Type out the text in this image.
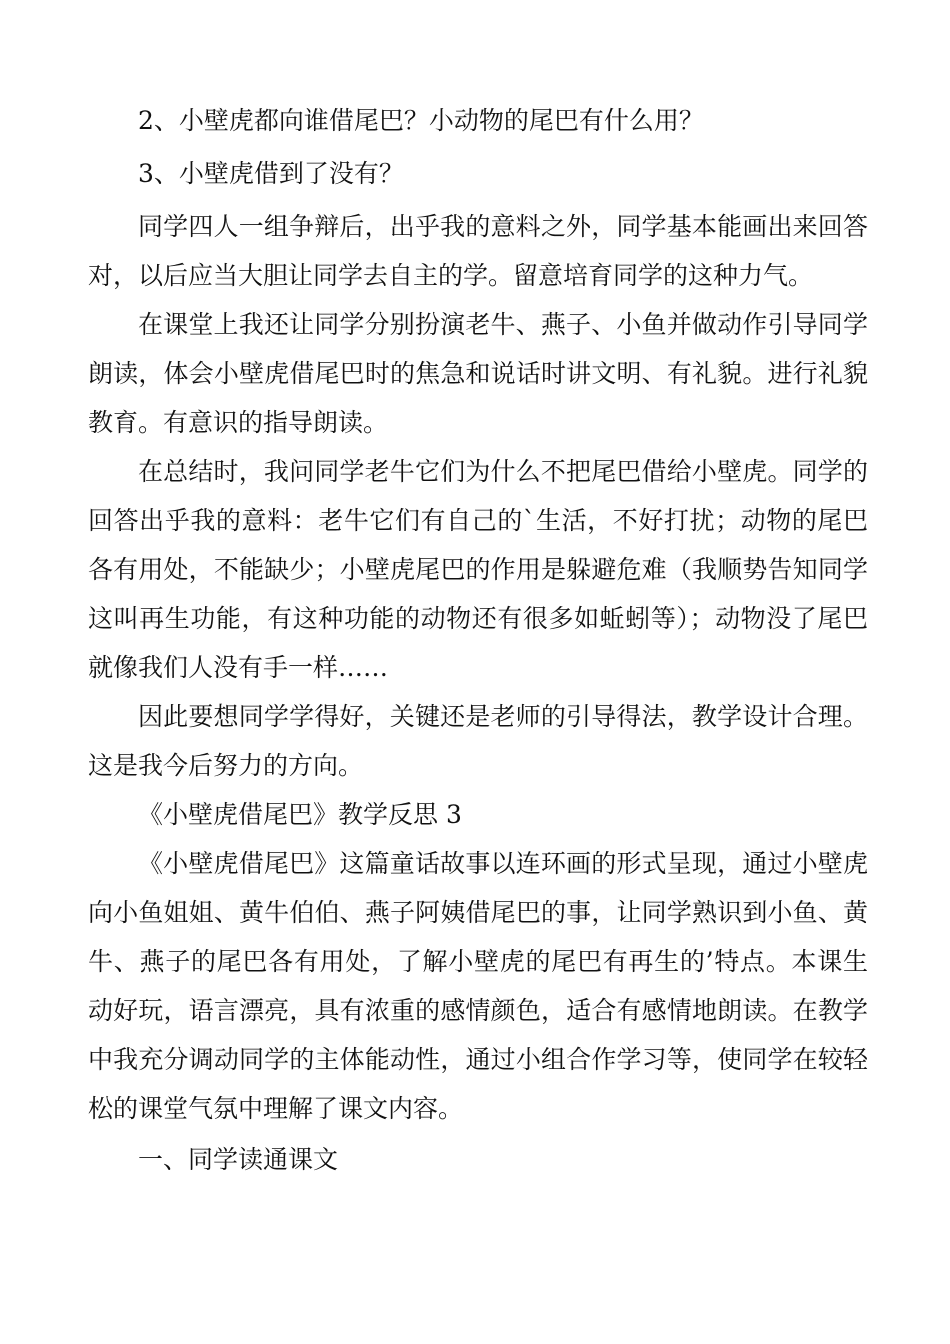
2、小壁虎都向谁借尾巴？小动物的尾巴有什么用？

3、小壁虎借到了没有？

同学四人一组争辩后，出乎我的意料之外，同学基本能画出来回答对，以后应当大胆让同学去自主的学。留意培育同学的这种力气。

在课堂上我还让同学分别扮演老牛、燕子、小鱼并做动作引导同学朗读，体会小壁虎借尾巴时的焦急和说话时讲文明、有礼貌。进行礼貌教育。有意识的指导朗读。

在总结时，我问同学老牛它们为什么不把尾巴借给小壁虎。同学的回答出乎我的意料：老牛它们有自己的`生活，不好打扰；动物的尾巴各有用处，不能缺少；小壁虎尾巴的作用是躲避危难（我顺势告知同学这叫再生功能，有这种功能的动物还有很多如蚯蚓等）；动物没了尾巴就像我们人没有手一样……

因此要想同学学得好，关键还是老师的引导得法，教学设计合理。这是我今后努力的方向。

《小壁虎借尾巴》教学反思 3

《小壁虎借尾巴》这篇童话故事以连环画的形式呈现，通过小壁虎向小鱼姐姐、黄牛伯伯、燕子阿姨借尾巴的事，让同学熟识到小鱼、黄牛、燕子的尾巴各有用处，了解小壁虎的尾巴有再生的’特点。本课生动好玩，语言漂亮，具有浓重的感情颜色，适合有感情地朗读。在教学中我充分调动同学的主体能动性，通过小组合作学习等，使同学在较轻松的课堂气氛中理解了课文内容。

一、同学读通课文
